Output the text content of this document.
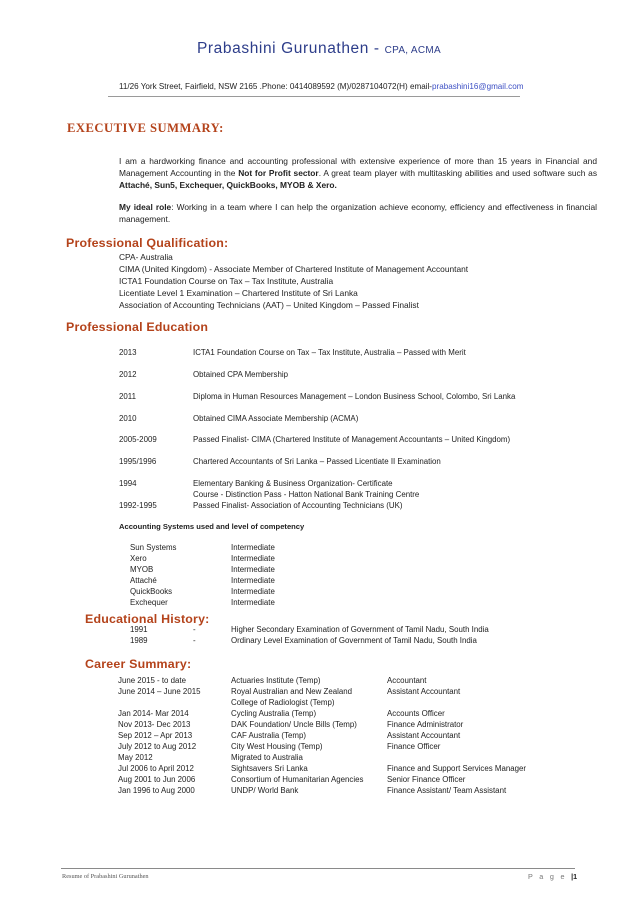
Prabashini Gurunathen - CPA, ACMA
11/26 York Street, Fairfield, NSW 2165 .Phone: 0414089592 (M)/0287104072(H) email-prabashini16@gmail.com
EXECUTIVE SUMMARY:
I am a hardworking finance and accounting professional with extensive experience of more than 15 years in Financial and Management Accounting in the Not for Profit sector. A great team player with multitasking abilities and used software such as Attaché, Sun5, Exchequer, QuickBooks, MYOB & Xero.
My ideal role: Working in a team where I can help the organization achieve economy, efficiency and effectiveness in financial management.
Professional Qualification:
CPA- Australia
CIMA (United Kingdom) - Associate Member of Chartered Institute of Management Accountant
ICTA1 Foundation Course on Tax – Tax Institute, Australia
Licentiate Level 1 Examination – Chartered Institute of Sri Lanka
Association of Accounting Technicians (AAT) – United Kingdom – Passed Finalist
Professional Education
2013	ICTA1 Foundation Course on Tax – Tax Institute, Australia – Passed with Merit
2012	Obtained CPA Membership
2011	Diploma in Human Resources Management – London Business School, Colombo, Sri Lanka
2010	Obtained CIMA Associate Membership (ACMA)
2005-2009	Passed Finalist- CIMA (Chartered Institute of Management Accountants – United Kingdom)
1995/1996	Chartered Accountants of Sri Lanka – Passed Licentiate II Examination
1994	Elementary Banking & Business Organization- Certificate
Course - Distinction Pass - Hatton National Bank Training Centre
1992-1995	Passed Finalist- Association of Accounting Technicians (UK)
Accounting Systems used and level of competency
Sun Systems	Intermediate
Xero	Intermediate
MYOB	Intermediate
Attaché	Intermediate
QuickBooks	Intermediate
Exchequer	Intermediate
Educational History:
1991	-	Higher Secondary Examination of Government of Tamil Nadu, South India
1989	-	Ordinary Level Examination of Government of Tamil Nadu, South India
Career Summary:
June 2015 - to date	Actuaries Institute (Temp)	Accountant
June 2014 – June 2015	Royal Australian and New Zealand	Assistant Accountant
College of Radiologist (Temp)
Jan 2014- Mar 2014	Cycling Australia (Temp)	Accounts Officer
Nov 2013- Dec 2013	DAK Foundation/ Uncle Bills (Temp)	Finance Administrator
Sep 2012 – Apr 2013	CAF Australia (Temp)	Assistant Accountant
July 2012 to Aug 2012	City West Housing (Temp)	Finance Officer
May 2012	Migrated to Australia
Jul 2006 to April 2012	Sightsavers Sri Lanka	Finance and Support Services Manager
Aug 2001 to Jun 2006	Consortium of Humanitarian Agencies	Senior Finance Officer
Jan 1996 to Aug 2000	UNDP/ World Bank	Finance Assistant/ Team Assistant
Resume of Prabashini Gurunathen	P a g e |1
